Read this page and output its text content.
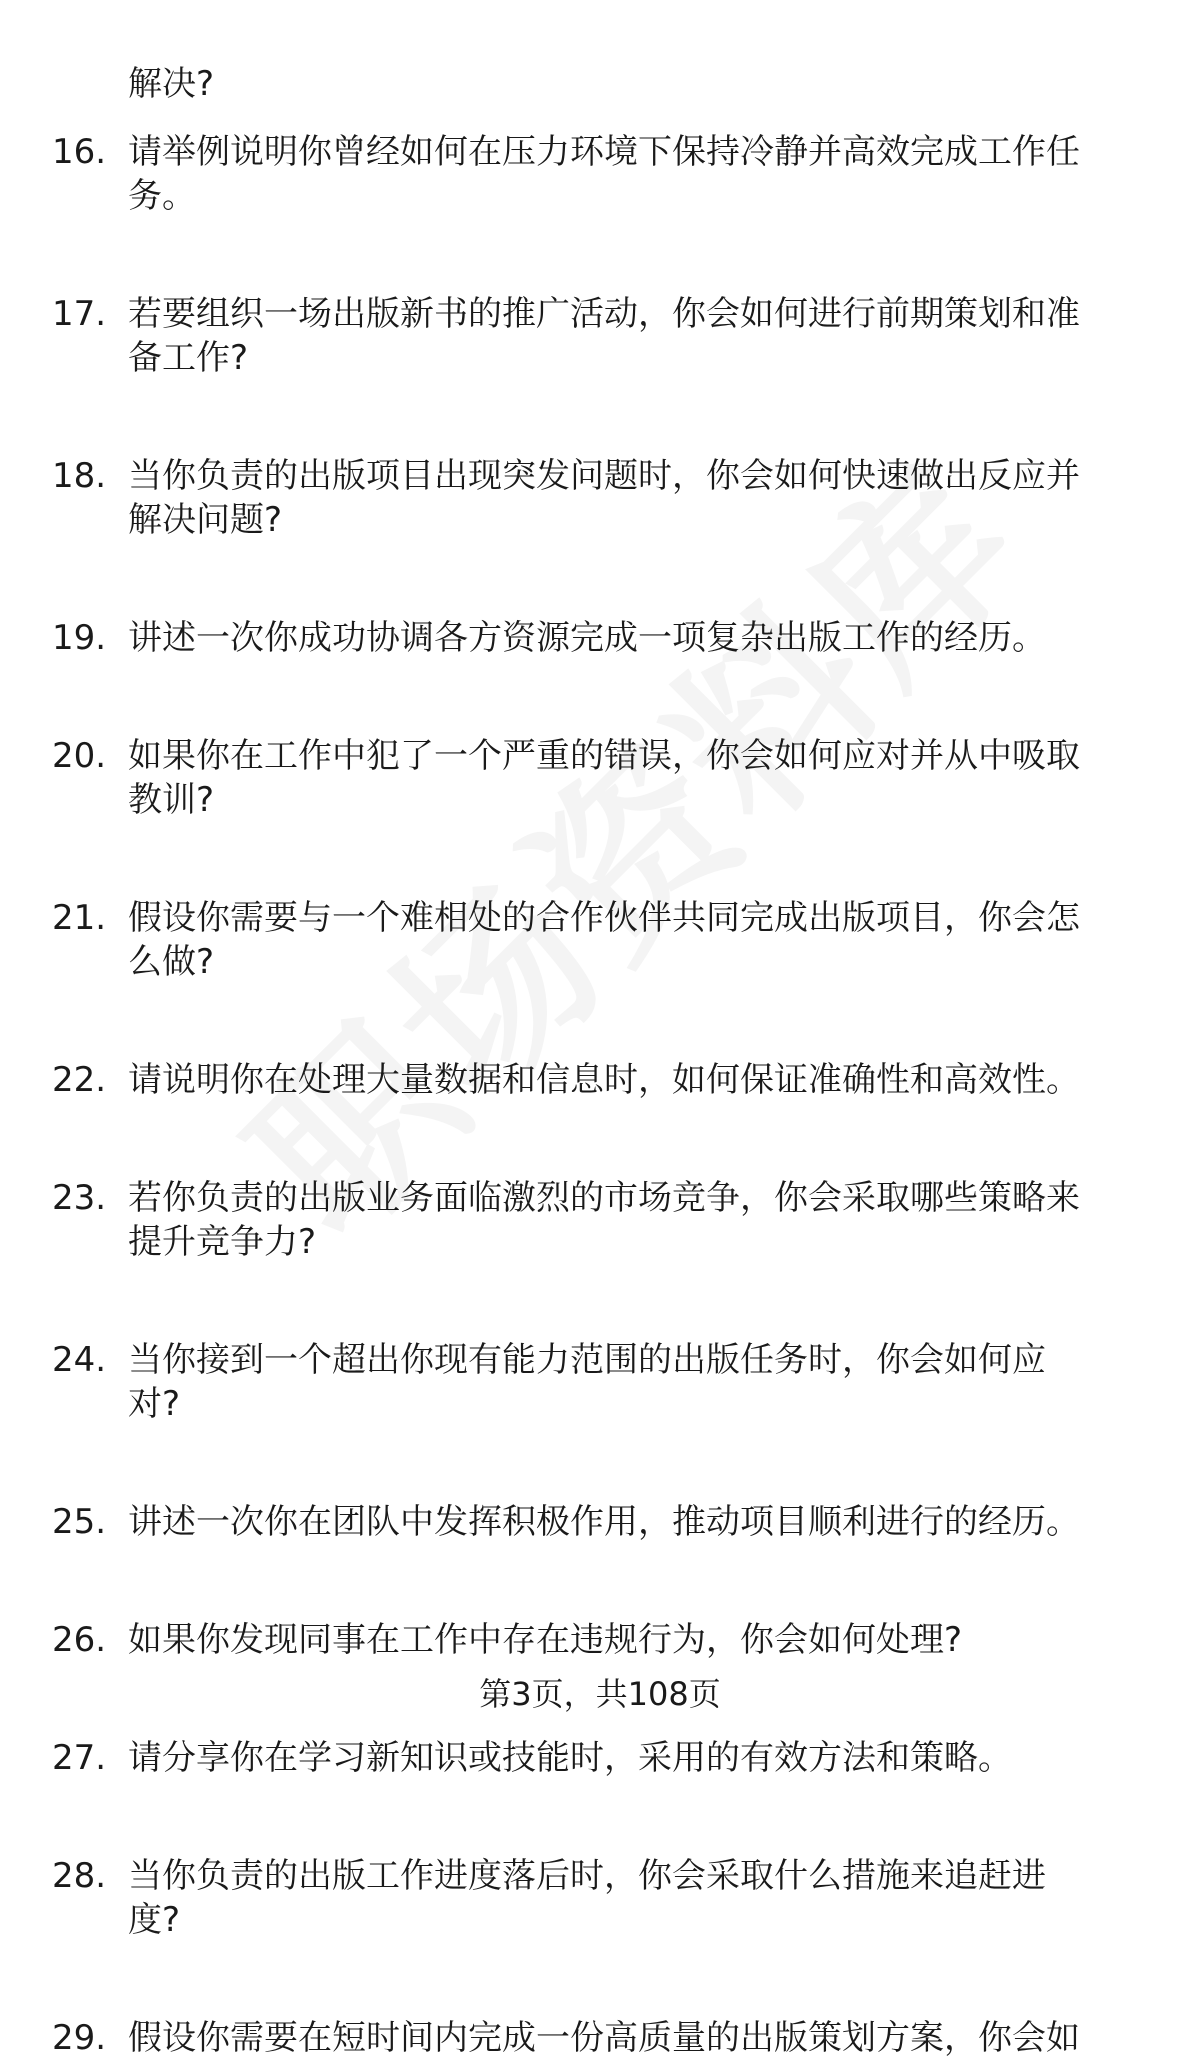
解决?
16. 请举例说明你曾经如何在压力环境下保持冷静并高效完成工作任
务。
17. 若要组织一场出版新书的推广活动，你会如何进行前期策划和准
备工作?
18. 当你负责的出版项目出现突发问题时，你会如何快速做出反应并
解决问题?
19. 讲述一次你成功协调各方资源完成一项复杂出版工作的经历。
20. 如果你在工作中犯了一个严重的错误，你会如何应对并从中吸取
教训?
21. 假设你需要与一个难相处的合作伙伴共同完成出版项目，你会怎
么做?
22. 请说明你在处理大量数据和信息时，如何保证准确性和高效性。
23. 若你负责的出版业务面临激烈的市场竞争，你会采取哪些策略来
提升竞争力?
24. 当你接到一个超出你现有能力范围的出版任务时，你会如何应
对?
25. 讲述一次你在团队中发挥积极作用，推动项目顺利进行的经历。
26. 如果你发现同事在工作中存在违规行为，你会如何处理?
27. 请分享你在学习新知识或技能时，采用的有效方法和策略。
28. 当你负责的出版工作进度落后时，你会采取什么措施来追赶进
度?
29. 假设你需要在短时间内完成一份高质量的出版策划方案，你会如
第3页，共108页
